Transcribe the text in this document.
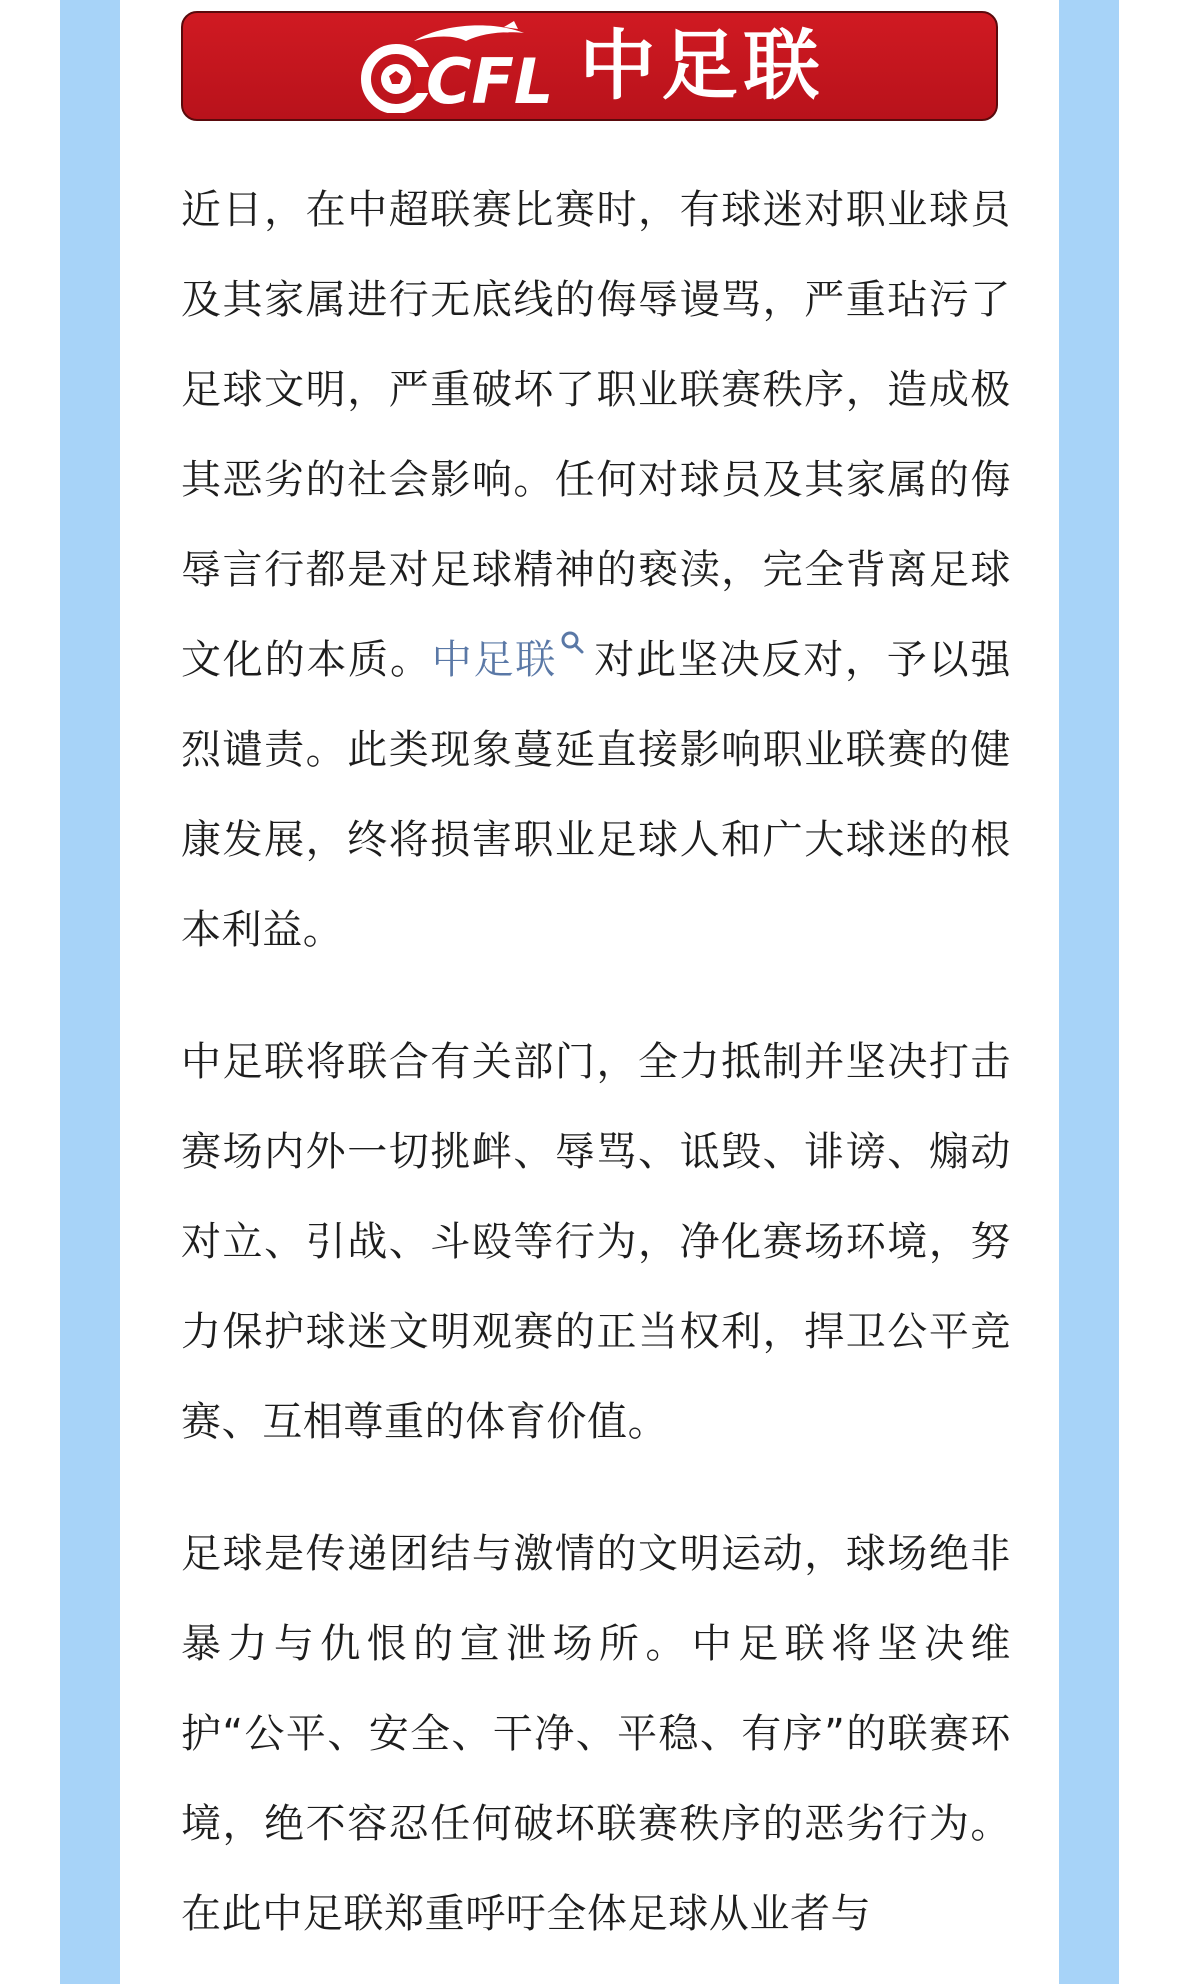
CFL 中足联

近日，在中超联赛比赛时，有球迷对职业球员及其家属进行无底线的侮辱谩骂，严重玷污了足球文明，严重破坏了职业联赛秩序，造成极其恶劣的社会影响。任何对球员及其家属的侮辱言行都是对足球精神的亵渎，完全背离足球文化的本质。中足联 对此坚决反对，予以强烈谴责。此类现象蔓延直接影响职业联赛的健康发展，终将损害职业足球人和广大球迷的根本利益。

中足联将联合有关部门，全力抵制并坚决打击赛场内外一切挑衅、辱骂、诋毁、诽谤、煽动对立、引战、斗殴等行为，净化赛场环境，努力保护球迷文明观赛的正当权利，捍卫公平竞赛、互相尊重的体育价值。

足球是传递团结与激情的文明运动，球场绝非暴力与仇恨的宣泄场所。中足联将坚决维护“公平、安全、干净、平稳、有序”的联赛环境，绝不容忍任何破坏联赛秩序的恶劣行为。在此中足联郑重呼吁全体足球从业者与
